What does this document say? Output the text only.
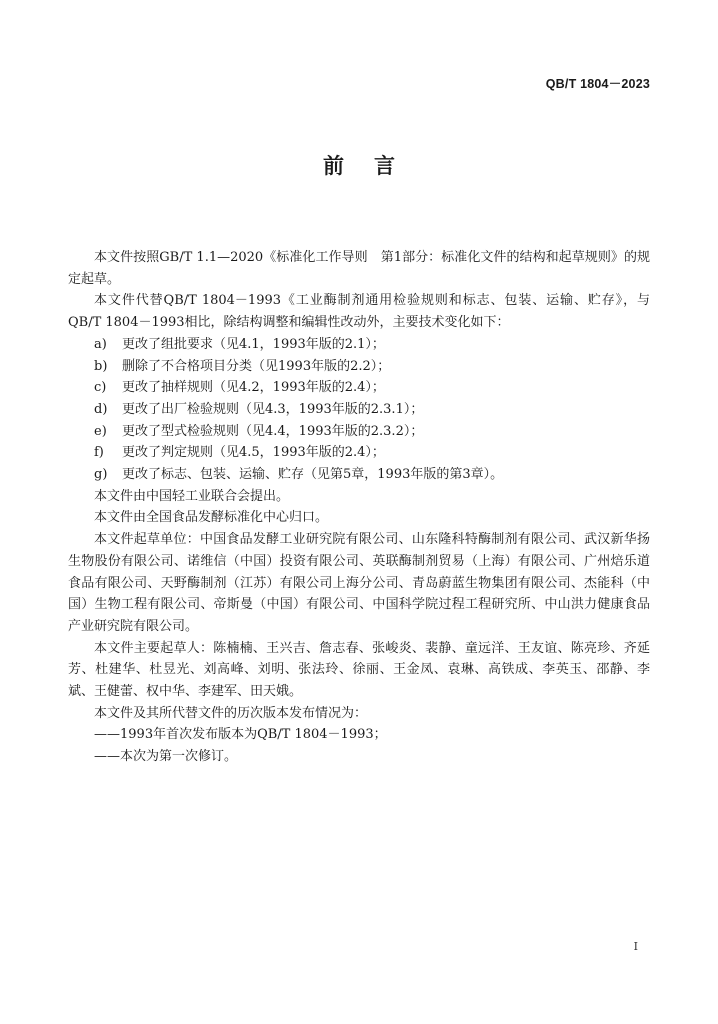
QB/T 1804－2023

前言

本文件按照GB/T 1.1—2020《标准化工作导则　第1部分：标准化文件的结构和起草规则》的规定起草。

本文件代替QB/T 1804－1993《工业酶制剂通用检验规则和标志、包装、运输、贮存》，与QB/T 1804－1993相比，除结构调整和编辑性改动外，主要技术变化如下：

a) 更改了组批要求（见4.1，1993年版的2.1）；

b) 删除了不合格项目分类（见1993年版的2.2）；

c) 更改了抽样规则（见4.2，1993年版的2.4）；

d) 更改了出厂检验规则（见4.3，1993年版的2.3.1）；

e) 更改了型式检验规则（见4.4，1993年版的2.3.2）；

f) 更改了判定规则（见4.5，1993年版的2.4）；

g) 更改了标志、包装、运输、贮存（见第5章，1993年版的第3章）。

本文件由中国轻工业联合会提出。

本文件由全国食品发酵标准化中心归口。

本文件起草单位：中国食品发酵工业研究院有限公司、山东隆科特酶制剂有限公司、武汉新华扬生物股份有限公司、诺维信（中国）投资有限公司、英联酶制剂贸易（上海）有限公司、广州焙乐道食品有限公司、天野酶制剂（江苏）有限公司上海分公司、青岛蔚蓝生物集团有限公司、杰能科（中国）生物工程有限公司、帝斯曼（中国）有限公司、中国科学院过程工程研究所、中山洪力健康食品产业研究院有限公司。

本文件主要起草人：陈楠楠、王兴吉、詹志春、张峻炎、裴静、童远洋、王友谊、陈亮珍、齐延芳、杜建华、杜昱光、刘高峰、刘明、张法玲、徐丽、王金凤、袁琳、高铁成、李英玉、邵静、李斌、王健蕾、权中华、李建军、田天娥。

本文件及其所代替文件的历次版本发布情况为：

——1993年首次发布版本为QB/T 1804－1993；

——本次为第一次修订。

I
